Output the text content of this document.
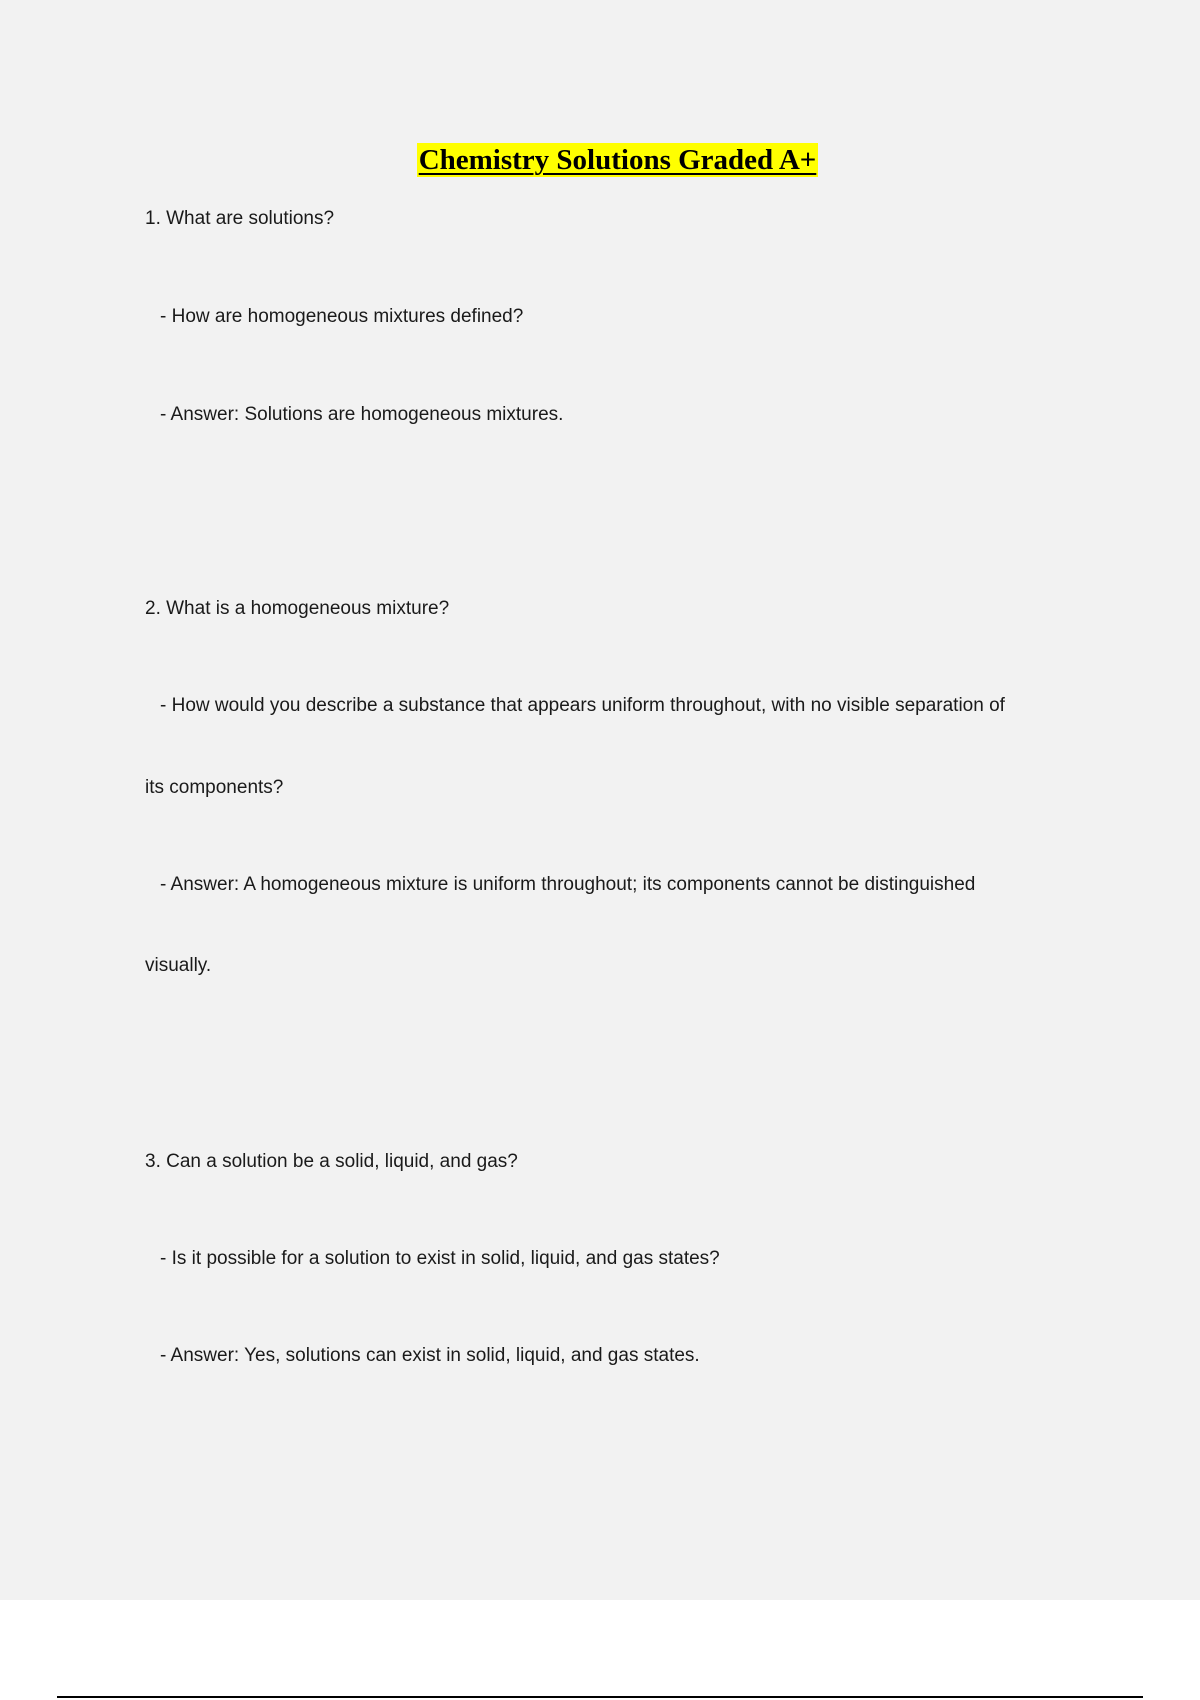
Chemistry Solutions Graded A+
1. What are solutions?
- How are homogeneous mixtures defined?
- Answer: Solutions are homogeneous mixtures.
2. What is a homogeneous mixture?
- How would you describe a substance that appears uniform throughout, with no visible separation of
its components?
- Answer: A homogeneous mixture is uniform throughout; its components cannot be distinguished
visually.
3. Can a solution be a solid, liquid, and gas?
- Is it possible for a solution to exist in solid, liquid, and gas states?
- Answer: Yes, solutions can exist in solid, liquid, and gas states.
